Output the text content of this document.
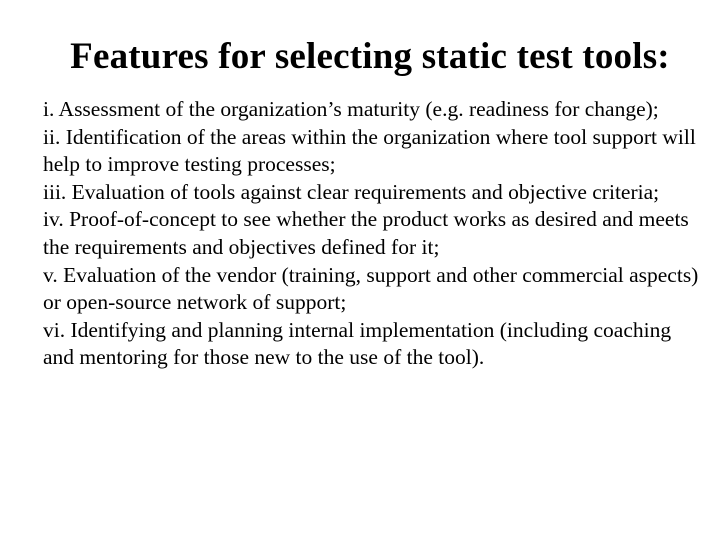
Features for selecting static test tools:
i. Assessment of the organization’s maturity (e.g. readiness for change);
ii. Identification of the areas within the organization where tool support will help to improve testing processes;
iii. Evaluation of tools against clear requirements and objective criteria;
iv. Proof-of-concept to see whether the product works as desired and meets the requirements and objectives defined for it;
v. Evaluation of the vendor (training, support and other commercial aspects) or open-source network of support;
vi. Identifying and planning internal implementation (including coaching and mentoring for those new to the use of the tool).
